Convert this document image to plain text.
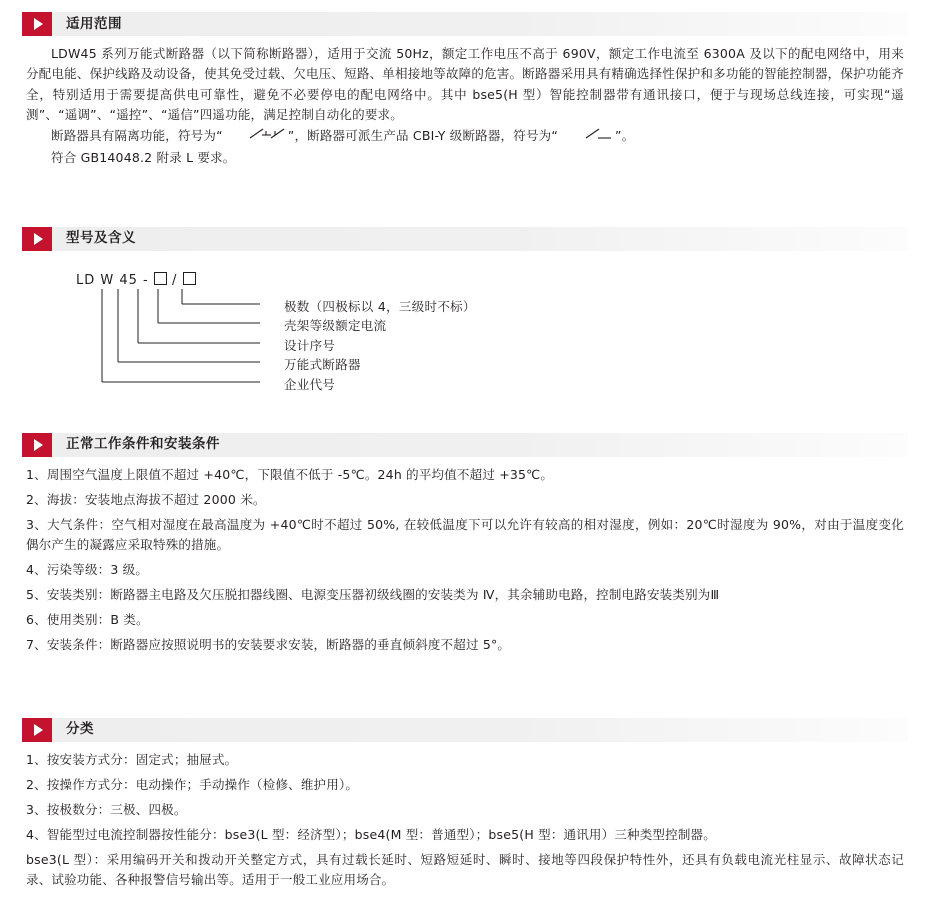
适用范围

LDW45 系列万能式断路器（以下简称断路器），适用于交流 50Hz，额定工作电压不高于 690V，额定工作电流至 6300A 及以下的配电网络中，用来分配电能、保护线路及动设备，使其免受过载、欠电压、短路、单相接地等故障的危害。断路器采用具有精确选择性保护和多功能的智能控制器，保护功能齐全，特别适用于需要提高供电可靠性，避免不必要停电的配电网络中。其中 bse5(H 型）智能控制器带有通讯接口，便于与现场总线连接，可实现“遥测”、“遥调”、“遥控”、“遥信”四遥功能，满足控制自动化的要求。

断路器具有隔离功能，符号为“	”，断路器可派生产品 CBI-Y 级断路器，符号为“	”。

符合 GB14048.2 附录 L 要求。

型号及含义
LD W 45 - /
极数（四极标以 4，三级时不标）
壳架等级额定电流
设计序号
万能式断路器
企业代号
正常工作条件和安装条件
1、周围空气温度上限值不超过 +40℃，下限值不低于 -5℃。24h 的平均值不超过 +35℃。
2、海拔：安装地点海拔不超过 2000 米。
3、大气条件：空气相对湿度在最高温度为 +40℃时不超过 50%, 在较低温度下可以允许有较高的相对湿度，例如：20℃时湿度为 90%，对由于温度变化偶尔产生的凝露应采取特殊的措施。
4、污染等级：3 级。
5、安装类别：断路器主电路及欠压脱扣器线圈、电源变压器初级线圈的安装类为 Ⅳ，其余辅助电路，控制电路安装类别为Ⅲ
6、使用类别：B 类。
7、安装条件：断路器应按照说明书的安装要求安装，断路器的垂直倾斜度不超过 5°。
分类
1、按安装方式分：固定式；抽屉式。
2、按操作方式分：电动操作；手动操作（检修、维护用）。
3、按极数分：三极、四极。
4、智能型过电流控制器按性能分：bse3(L 型：经济型）；bse4(M 型：普通型）；bse5(H 型：通讯用）三种类型控制器。
bse3(L 型）：采用编码开关和拨动开关整定方式，具有过载长延时、短路短延时、瞬时、接地等四段保护特性外，还具有负载电流光柱显示、故障状态记录、试验功能、各种报警信号输出等。适用于一般工业应用场合。
